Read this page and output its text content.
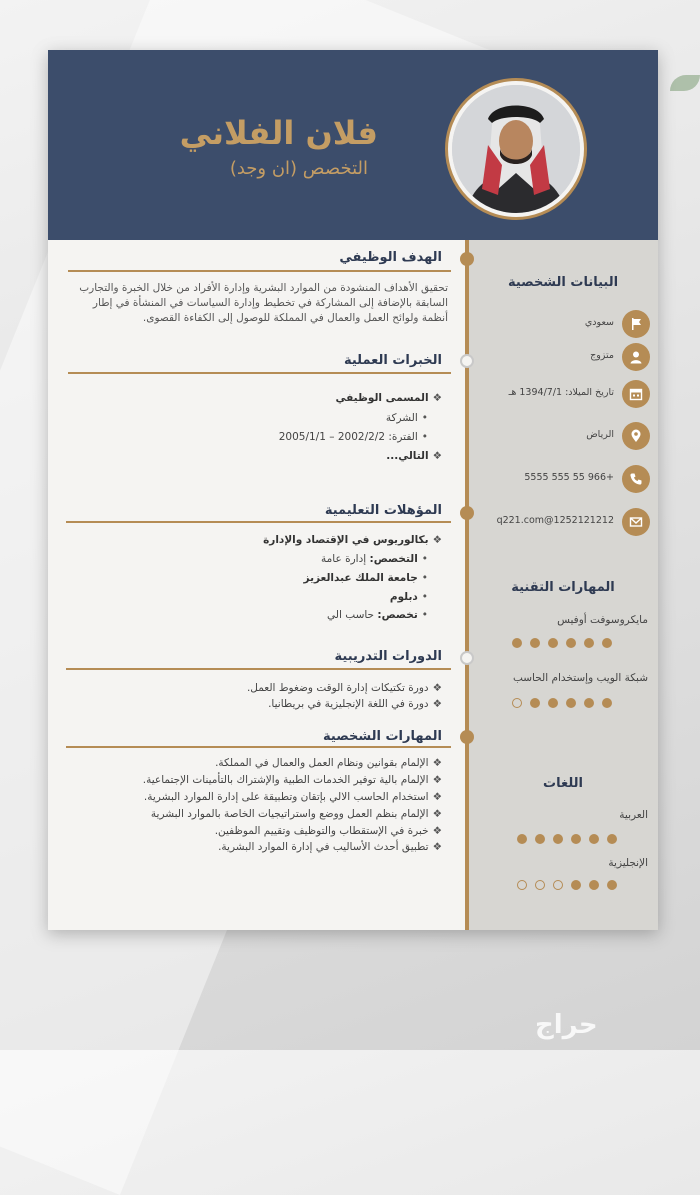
فلان الفلاني
التخصص (ان وجد)
الهدف الوظيفي
تحقيق الأهداف المنشودة من الموارد البشرية وإدارة الأفراد من خلال الخبرة والتجارب السابقة بالإضافة إلى المشاركة في تخطيط وإدارة السياسات في المنشأة في إطار أنظمة ولوائح العمل والعمال في المملكة للوصول إلى الكفاءة القصوى.
الخبرات العملية
❖المسمى الوظيفي
•الشركة
•الفترة: 2002/2/2 – 2005/1/1
❖التالي...
المؤهلات التعليمية
❖بكالوريوس في الإقتصاد والإدارة
•التخصص: إدارة عامة
•جامعة الملك عبدالعزيز
•دبلوم
•تخصص: حاسب الي
الدورات التدريبية
❖دورة تكتيكات إدارة الوقت وضغوط العمل.
❖دورة في اللغة الإنجليزية في بريطانيا.
المهارات الشخصية
❖الإلمام بقوانين ونظام العمل والعمال في المملكة.
❖الإلمام بالية توفير الخدمات الطبية والإشتراك بالتأمينات الإجتماعية.
❖استخدام الحاسب الالي بإتقان وتطبيقة على إدارة الموارد البشرية.
❖الإلمام بنظم العمل ووضع واستراتيجيات الخاصة بالموارد البشرية
❖خبرة في الإستقطاب والتوظيف وتقييم الموظفين.
❖تطبيق أحدث الأساليب في إدارة الموارد البشرية.
البيانات الشخصية
سعودي
متزوج
تاريخ الميلاد: 1394/7/1 هـ
الرياض
+966 55 555 5555
1252121212@q221.com
المهارات التقنية
مايكروسوفت أوفيس
شبكة الويب وإستخدام الحاسب
اللغات
العربية
الإنجليزية
حراج
